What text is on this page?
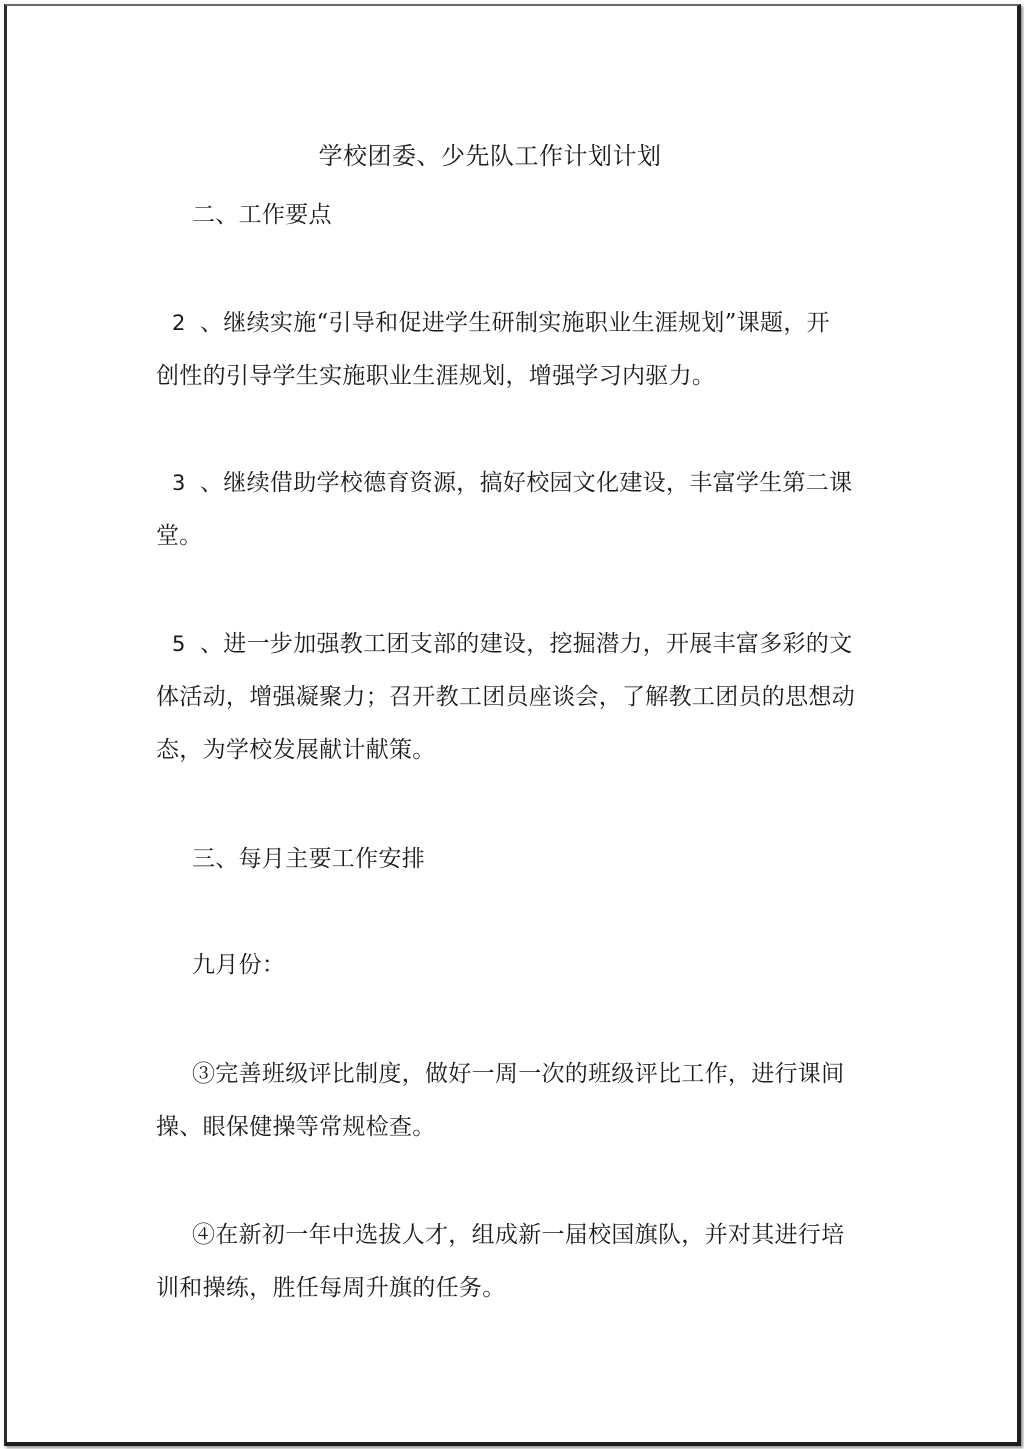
学校团委、少先队工作计划计划
二、工作要点
2 、继续实施“引导和促进学生研制实施职业生涯规划”课题，开
创性的引导学生实施职业生涯规划，增强学习内驱力。
3 、继续借助学校德育资源，搞好校园文化建设，丰富学生第二课
堂。
5 、进一步加强教工团支部的建设，挖掘潜力，开展丰富多彩的文
体活动，增强凝聚力；召开教工团员座谈会，了解教工团员的思想动
态，为学校发展献计献策。
三、每月主要工作安排
九月份：
③完善班级评比制度，做好一周一次的班级评比工作，进行课间
操、眼保健操等常规检查。
④在新初一年中选拔人才，组成新一届校国旗队，并对其进行培
训和操练，胜任每周升旗的任务。
